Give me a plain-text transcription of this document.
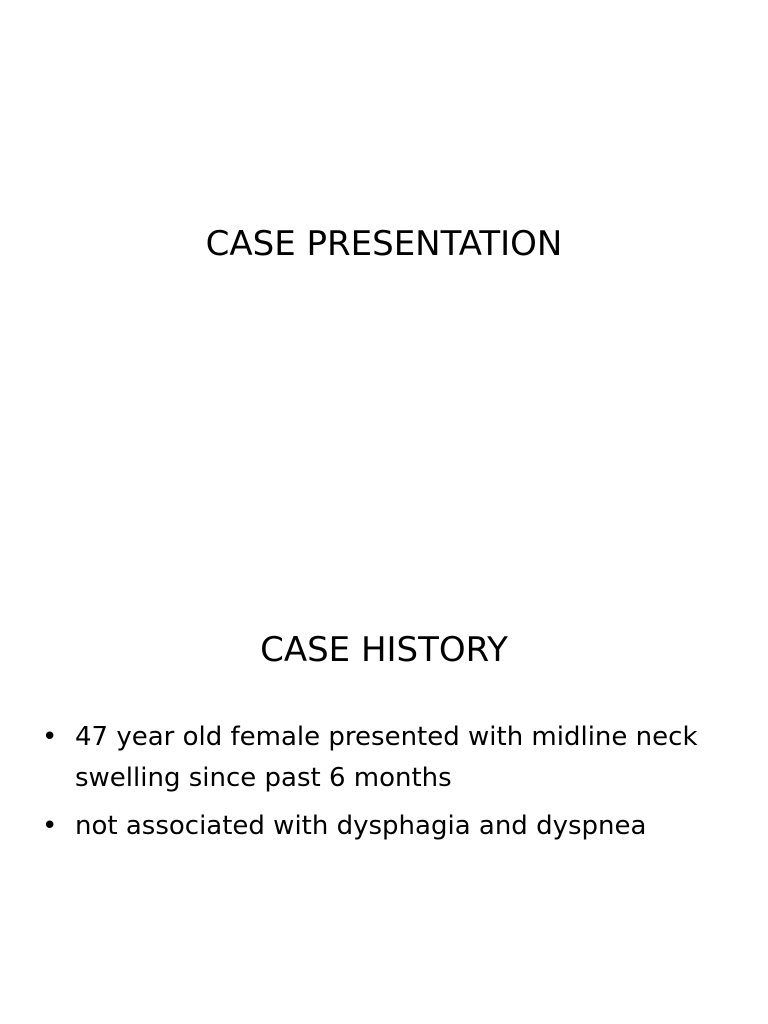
CASE PRESENTATION
CASE HISTORY
• 47 year old female presented with midline neck swelling since past 6 months
• not associated with dysphagia and dyspnea
